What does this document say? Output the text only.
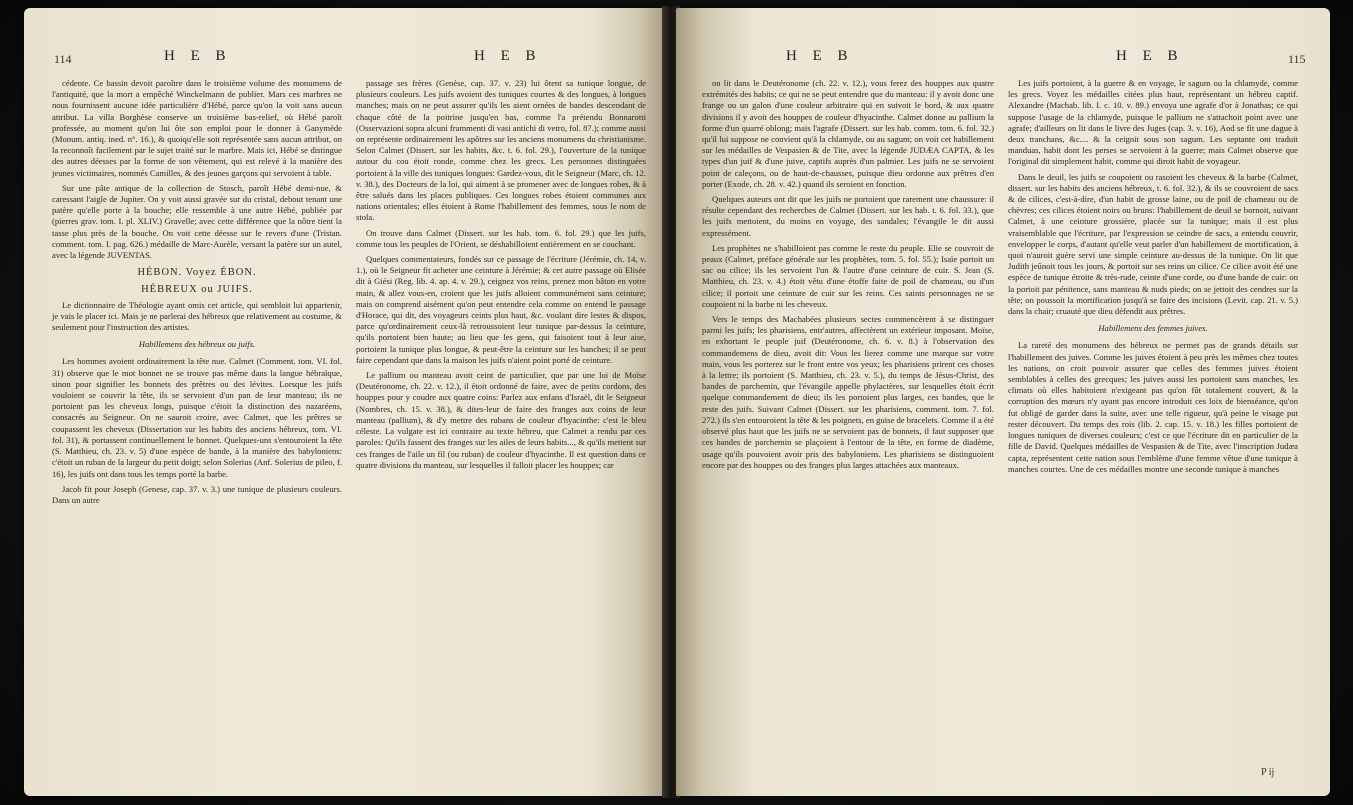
114	H E B	H E B

cédente. Ce bassin devoit paroître dans le troisième volume des monumens de l'antiquité, que la mort a empêché Winckelmann de publier. Mars ces marbres ne nous fournissent aucune idée particulière d'Hébé, parce qu'on la voit sans aucun attribut. La villa Borghèse conserve un troisième bas-relief, où Hébé paroît professée, au moment qu'on lui ôte son emploi pour le donner à Ganymède (Monum. antiq. ined. n°. 16.), & quoiqu'elle soit représentée sans aucun attribut, on la reconnoît facilement par le sujet traité sur le marbre. Mais ici, Hébé se distingue des autres déesses par la forme de son vêtement, qui est relevé à la manière des jeunes victimaires, nommés Camilles, & des jeunes garçons qui servoient à table.

Sur une pâte antique de la collection de Stosch, paroît Hébé demi-nue, & caressant l'aigle de Jupiter. On y voit aussi gravée sur du cristal, debout tenant une patère qu'elle porte à la bouche; elle ressemble à une autre Hébé, publiée par (pierres grav. tom. I. pl. XLIV.) Gravelle; avec cette différence que la nôtre tient la tasse plus près de la bouche. On voit cette déesse sur le revers d'une (Tristan. comment. tom. I. pag. 626.) médaille de Marc-Aurèle, versant la patère sur un autel, avec la légende JUVENTAS.

HÉBON. Voyez ÉBON.

HÉBREUX ou JUIFS.

Le dictionnaire de Théologie ayant omis cet article, qui sembloit lui appartenir, je vais le placer ici. Mais je ne parlerai des hébreux que relativement au costume, & seulement pour l'instruction des artistes.

Habillemens des hébreux ou juifs.

Les hommes avoient ordinairement la tête nue. Calmet (Comment. tom. VI. fol. 31) observe que le mot bonnet ne se trouve pas même dans la langue hébraïque, sinon pour signifier les bonnets des prêtres ou des lévites. Lorsque les juifs vouloient se couvrir la tête, ils se servoient d'un pan de leur manteau; ils ne portoient pas les cheveux longs, puisque c'étoit la distinction des nazaréens, consacrés au Seigneur. On ne sauroit croire, avec Calmet, que les prêtres se coupassent les cheveux (Dissertation sur les habits des anciens hébreux, tom. VI. fol. 31), & portassent continuellement le bonnet. Quelques-uns s'entouroient la tête (S. Matthieu, ch. 23. v. 5) d'une espèce de bande, à la manière des babyloniens: c'étoit un ruban de la largeur du petit doigt; selon Solerius (Anf. Solerius de pileo, f. 16), les juifs ont dans tous les temps porté la barbe.

Jacob fit pour Joseph (Genese, cap. 37. v. 3.) une tunique de plusieurs couleurs. Dans un autre

passage ses frères (Genèse, cap. 37. v. 23) lui ôtent sa tunique longue, de plusieurs couleurs. Les juifs avoient des tuniques courtes & des longues, à longues manches; mais on ne peut assurer qu'ils les aient ornées de bandes descendant de chaque côté de la poitrine jusqu'en bas, comme l'a prétendu Bonnarotti (Osservazioni sopra alcuni frammenti di vasi antichi di vetro, fol. 87.); comme aussi on représente ordinairement les apôtres sur les anciens monumens du christianisme. Selon Calmet (Dissert. sur les habits, &c. t. 6. fol. 29.), l'ouverture de la tunique autour du cou étoit ronde, comme chez les grecs. Les personnes distinguées portoient à la ville des tuniques longues: Gardez-vous, dit le Seigneur (Marc, ch. 12. v. 38.), des Docteurs de la loi, qui aiment à se promener avec de longues robes, & à être salués dans les places publiques. Ces longues robes étoient communes aux nations orientales; elles étoient à Rome l'habillement des femmes, sous le nom de stola.

On trouve dans Calmet (Dissert. sur les hab. tom. 6. fol. 29.) que les juifs, comme tous les peuples de l'Orient, se déshabilloient entièrement en se couchant.

Quelques commentateurs, fondés sur ce passage de l'écriture (Jérémie, ch. 14, v. 1.), où le Seigneur fit acheter une ceinture à Jérémie; & cet autre passage où Elisée dit à Giési (Reg. lib. 4. ap. 4. v. 29.), ceignez vos reins, prenez mon bâton en votre main, & allez vous-en, croient que les juifs alloient communément sans ceinture; mais on comprend aisément qu'on peut entendre cela comme on entend le passage d'Horace, qui dit, des voyageurs ceints plus haut, &c. voulant dire lestes & dispos, parce qu'ordinairement ceux-là retroussoient leur tunique par-dessus la ceinture, qu'ils portoient bien haute; au lieu que les gens, qui faisoient tout à leur aise, portoient la tunique plus longue, & peut-être la ceinture sur les hanches; il se peut faire cependant que dans la maison les juifs n'aient point porté de ceinture.

Le pallium ou manteau avoit ceint de particulier, que par une loi de Moïse (Deutéronome, ch. 22. v. 12.), il étoit ordonné de faire, avec de petits cordons, des houppes pour y coudre aux quatre coins: Parlez aux enfans d'Israël, dit le Seigneur (Nombres, ch. 15. v. 38.), & dites-leur de faire des franges aux coins de leur manteau (pallium), & d'y mettre des rubans de couleur d'hyacinthe: c'est le bleu céleste. La vulgate est ici contraire au texte hébreu, que Calmet a rendu par ces paroles: Qu'ils fassent des franges sur les ailes de leurs habits..., & qu'ils mettent sur ces franges de l'aile un fil (ou ruban) de couleur d'hyacinthe. Il est question dans ce quatre divisions du manteau, sur lesquelles il falloit placer les houppes; car

H E B	H E B	115

on lit dans le Deutéronome (ch. 22. v. 12.), vous ferez des houppes aux quatre extrémités des habits; ce qui ne se peut entendre que du manteau: il y avoit donc une frange ou un galon d'une couleur arbitraire qui en suivoit le bord, & aux quatre divisions il y avoit des houppes de couleur d'hyacinthe. Calmet donne au pallium la forme d'un quarré oblong; mais l'agrafe (Dissert. sur les hab. comm. tom. 6. fol. 32.) qu'il lui suppose ne convient qu'à la chlamyde, ou au sagum; on voit cet habillement sur les médailles de Vespasien & de Tite, avec la légende JUDÆA CAPTA, & les types d'un juif & d'une juive, captifs auprès d'un palmier. Les juifs ne se servoient point de caleçons, ou de haut-de-chausses, puisque dieu ordonne aux prêtres d'en porter (Exode, ch. 28. v. 42.) quand ils seroient en fonction.

Quelques auteurs ont dit que les juifs ne portoient que rarement une chaussure: il résulte cependant des recherches de Calmet (Dissert. sur les hab. t. 6. fol. 33.), que les juifs mettoient, du moins en voyage, des sandales; l'évangile le dit aussi expressément.

Les prophètes ne s'habilloient pas comme le reste du peuple. Elie se couvroit de peaux (Calmet, préface générale sur les prophètes, tom. 5. fol. 55.); Isaïe portoit un sac ou cilice; ils les servoient l'un & l'autre d'une ceinture de cuir. S. Jean (S. Matthieu, ch. 23. v. 4.) étoit vêtu d'une étoffe faite de poil de chameau, ou d'un cilice; il portoit une ceinture de cuir sur les reins. Ces saints personnages ne se coupoient ni la barbe ni les cheveux.

Vers le temps des Machabées plusieurs sectes commencèrent à se distinguer parmi les juifs; les pharisiens, entr'autres, affectèrent un extérieur imposant. Moïse, en exhortant le peuple juif (Deutéronome, ch. 6. v. 8.) à l'observation des commandemens de dieu, avoit dit: Vous les lierez comme une marque sur votre main, vous les porterez sur le front entre vos yeux; les pharisiens prirent ces choses à la lettre; ils portoient (S. Matthieu, ch. 23. v. 5.), du temps de Jésus-Christ, des bandes de parchemin, que l'évangile appelle phylactères, sur lesquelles étoit écrit quelque commandement de dieu; ils les portoient plus larges, ces bandes, que le reste des juifs. Suivant Calmet (Dissert. sur les pharisiens, comment. tom. 7. fol. 272.) ils s'en entouroient la tête & les poignets, en guise de bracelets. Comme il a été observé plus haut que les juifs ne se servoient pas de bonnets, il faut supposer que ces bandes de parchemin se plaçoient à l'entour de la tête, en forme de diadème, usage qu'ils pouvoient avoir pris des babyloniens. Les pharisiens se distinguoient encore par des houppes ou des franges plus larges attachées aux manteaux.

Les juifs portoient, à la guerre & en voyage, le sagum ou la chlamyde, comme les grecs. Voyez les médailles citées plus haut, représentant un hébreu captif. Alexandre (Machab. lib. I. c. 10. v. 89.) envoya une agrafe d'or à Jonathas; ce qui suppose l'usage de la chlamyde, puisque le pallium ne s'attachoit point avec une agrafe; d'ailleurs on lit dans le livre des Juges (cap. 3. v. 16), Aod se fit une dague à deux tranchans, &c.... & la ceignit sous son sagum. Les septante ont traduit manduas, habit dont les perses se servoient à la guerre; mais Calmet observe que l'original dit simplement habit, comme qui diroit habit de voyageur.

Dans le deuil, les juifs se coupoient ou rasoient les cheveux & la barbe (Calmet, dissert. sur les habits des anciens hébreux, t. 6. fol. 32.), & ils se couvroient de sacs & de cilices, c'est-à-dire, d'un habit de grosse laine, ou de poil de chameau ou de chèvres; ces cilices étoient noirs ou bruns: l'habillement de deuil se bornoit, suivant Calmet, à une ceinture grossière, placée sur la tunique; mais il est plus vraisemblable que l'écriture, par l'expression se ceindre de sacs, a entendu couvrir, envelopper le corps, d'autant qu'elle veut parler d'un habillement de mortification, à quoi n'auroit guère servi une simple ceinture au-dessus de la tunique. On lit que Judith jeûnoit tous les jours, & portoit sur ses reins un cilice. Ce cilice avoit été une espèce de tunique étroite & très-rude, ceinte d'une corde, ou d'une bande de cuir: on la portoit par pénitence, sans manteau & nuds pieds; on se jettoit des cendres sur la tête; on poussoit la mortification jusqu'à se faire des incisions (Levit. cap. 21. v. 5.) dans la chair; cruauté que dieu défendit aux prêtres.

Habillemens des femmes juives.

La rareté des monumens des hébreux ne permet pas de grands détails sur l'habillement des juives. Comme les juives étoient à peu près les mêmes chez toutes les nations, on croit pouvoir assurer que celles des femmes juives étoient semblables à celles des grecques; les juives aussi les portoient sans manches, les climats où elles habitoient n'exigeant pas qu'on fût totalement couvert, & la corruption des mœurs n'y ayant pas encore introduit ces loix de bienséance, qu'on fut obligé de garder dans la suite, avec une telle rigueur, qu'à peine le visage put rester découvert. Du temps des rois (lib. 2. cap. 15. v. 18.) les filles portoient de longues tuniques de diverses couleurs; c'est ce que l'écriture dit en particulier de la fille de David. Quelques médailles de Vespasien & de Tite, avec l'inscription Judæa capta, représentent cette nation sous l'emblème d'une femme vêtue d'une tunique à manches courtes. Une de ces médailles montre une seconde tunique à manches

P ij
